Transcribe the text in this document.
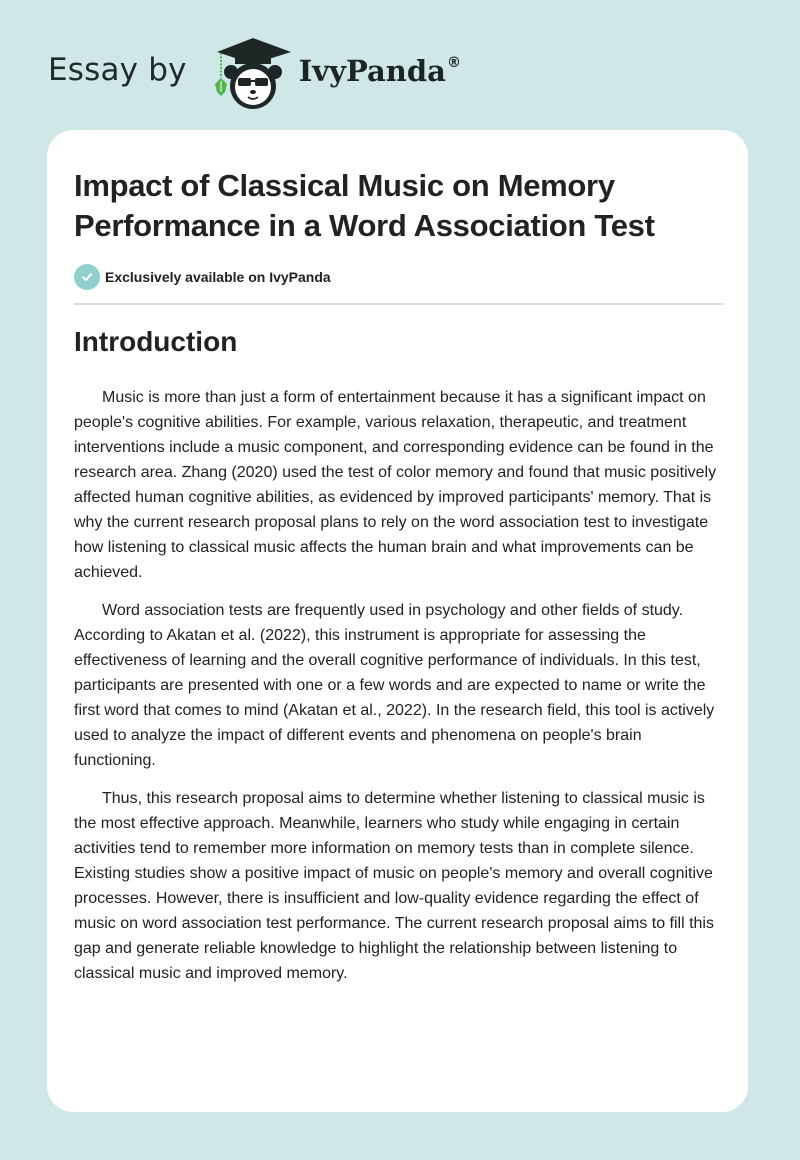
Essay by	IvyPanda®
Impact of Classical Music on Memory Performance in a Word Association Test
Exclusively available on IvyPanda
Introduction

Music is more than just a form of entertainment because it has a significant impact on people's cognitive abilities. For example, various relaxation, therapeutic, and treatment interventions include a music component, and corresponding evidence can be found in the research area. Zhang (2020) used the test of color memory and found that music positively affected human cognitive abilities, as evidenced by improved participants' memory. That is why the current research proposal plans to rely on the word association test to investigate how listening to classical music affects the human brain and what improvements can be achieved.

Word association tests are frequently used in psychology and other fields of study. According to Akatan et al. (2022), this instrument is appropriate for assessing the effectiveness of learning and the overall cognitive performance of individuals. In this test, participants are presented with one or a few words and are expected to name or write the first word that comes to mind (Akatan et al., 2022). In the research field, this tool is actively used to analyze the impact of different events and phenomena on people's brain functioning.

Thus, this research proposal aims to determine whether listening to classical music is the most effective approach. Meanwhile, learners who study while engaging in certain activities tend to remember more information on memory tests than in complete silence. Existing studies show a positive impact of music on people's memory and overall cognitive processes. However, there is insufficient and low-quality evidence regarding the effect of music on word association test performance. The current research proposal aims to fill this gap and generate reliable knowledge to highlight the relationship between listening to classical music and improved memory.
